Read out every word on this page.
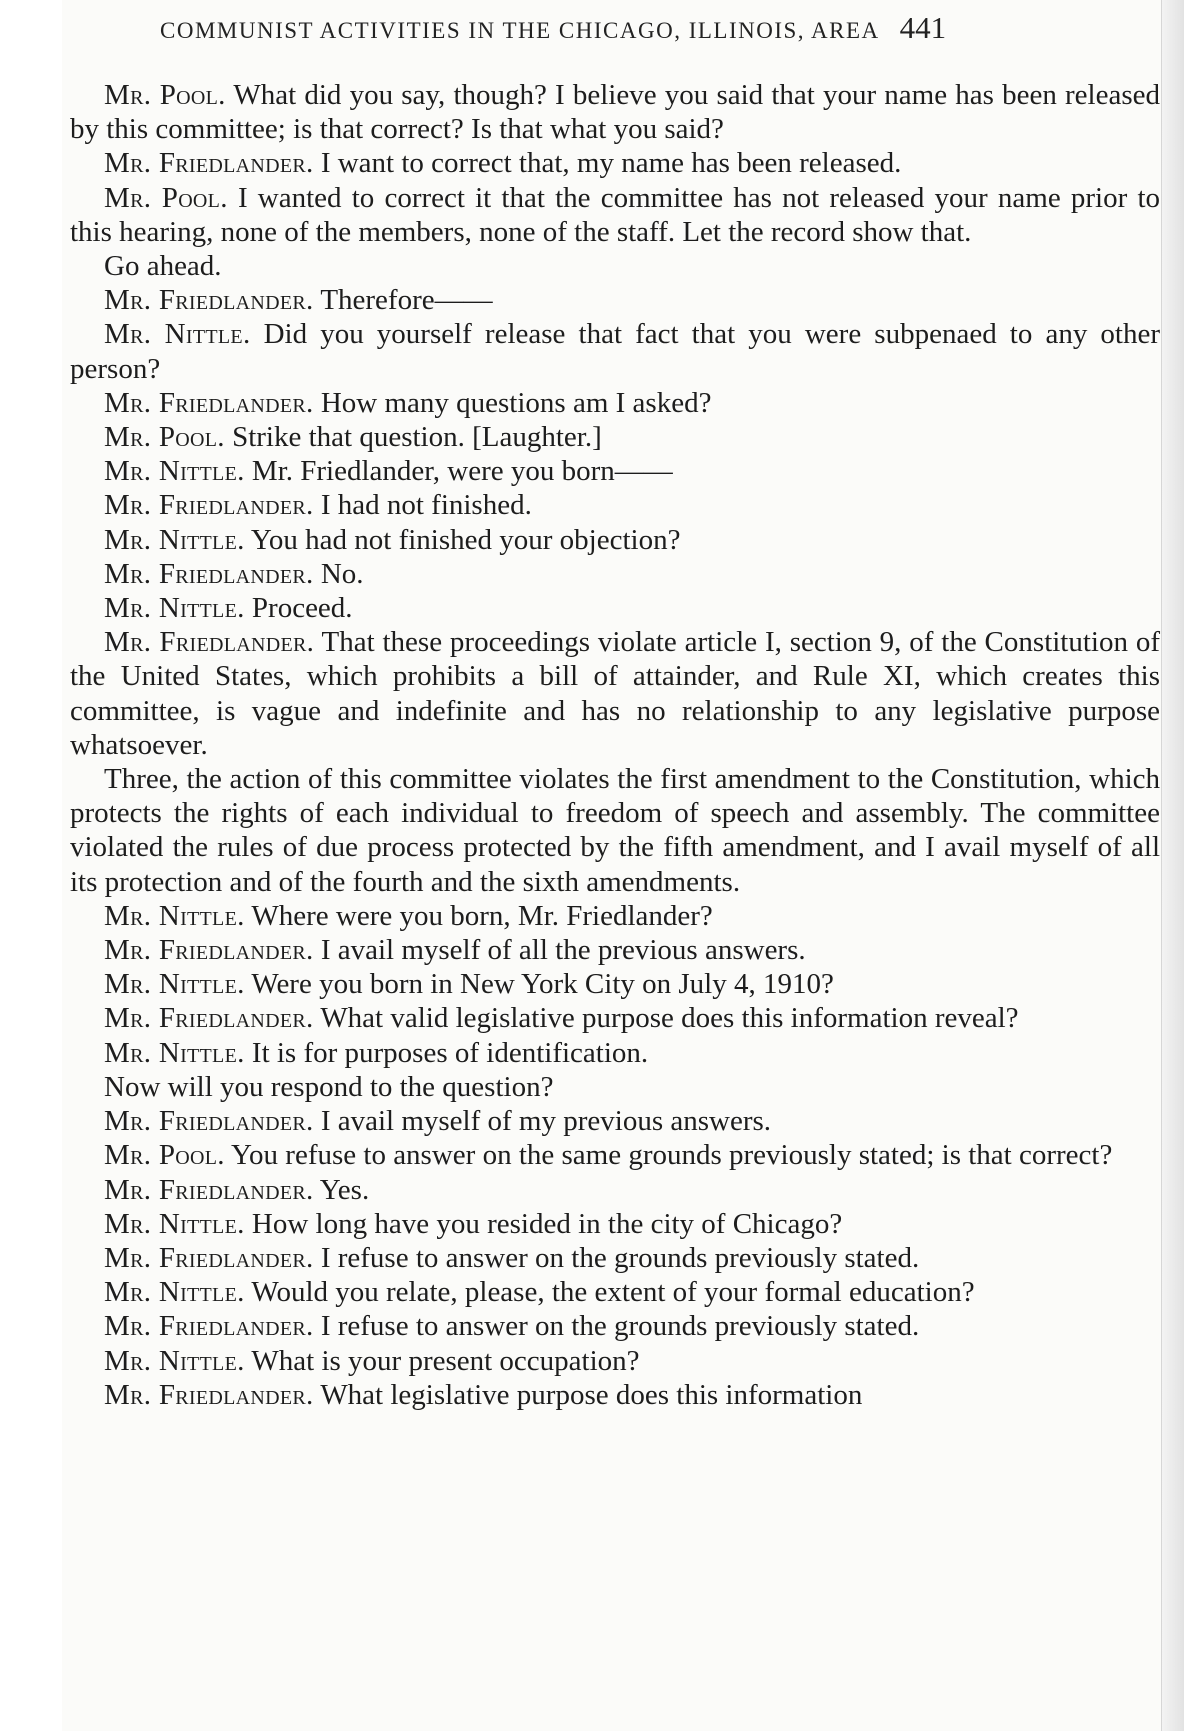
COMMUNIST ACTIVITIES IN THE CHICAGO, ILLINOIS, AREA 441

Mr. Pool. What did you say, though? I believe you said that your name has been released by this committee; is that correct? Is that what you said?

Mr. Friedlander. I want to correct that, my name has been released.

Mr. Pool. I wanted to correct it that the committee has not released your name prior to this hearing, none of the members, none of the staff. Let the record show that.

Go ahead.

Mr. Friedlander. Therefore——

Mr. Nittle. Did you yourself release that fact that you were subpenaed to any other person?

Mr. Friedlander. How many questions am I asked?

Mr. Pool. Strike that question. [Laughter.]

Mr. Nittle. Mr. Friedlander, were you born——

Mr. Friedlander. I had not finished.

Mr. Nittle. You had not finished your objection?

Mr. Friedlander. No.

Mr. Nittle. Proceed.

Mr. Friedlander. That these proceedings violate article I, section 9, of the Constitution of the United States, which prohibits a bill of attainder, and Rule XI, which creates this committee, is vague and indefinite and has no relationship to any legislative purpose whatsoever.

Three, the action of this committee violates the first amendment to the Constitution, which protects the rights of each individual to freedom of speech and assembly. The committee violated the rules of due process protected by the fifth amendment, and I avail myself of all its protection and of the fourth and the sixth amendments.

Mr. Nittle. Where were you born, Mr. Friedlander?

Mr. Friedlander. I avail myself of all the previous answers.

Mr. Nittle. Were you born in New York City on July 4, 1910?

Mr. Friedlander. What valid legislative purpose does this information reveal?

Mr. Nittle. It is for purposes of identification.

Now will you respond to the question?

Mr. Friedlander. I avail myself of my previous answers.

Mr. Pool. You refuse to answer on the same grounds previously stated; is that correct?

Mr. Friedlander. Yes.

Mr. Nittle. How long have you resided in the city of Chicago?

Mr. Friedlander. I refuse to answer on the grounds previously stated.

Mr. Nittle. Would you relate, please, the extent of your formal education?

Mr. Friedlander. I refuse to answer on the grounds previously stated.

Mr. Nittle. What is your present occupation?

Mr. Friedlander. What legislative purpose does this information
